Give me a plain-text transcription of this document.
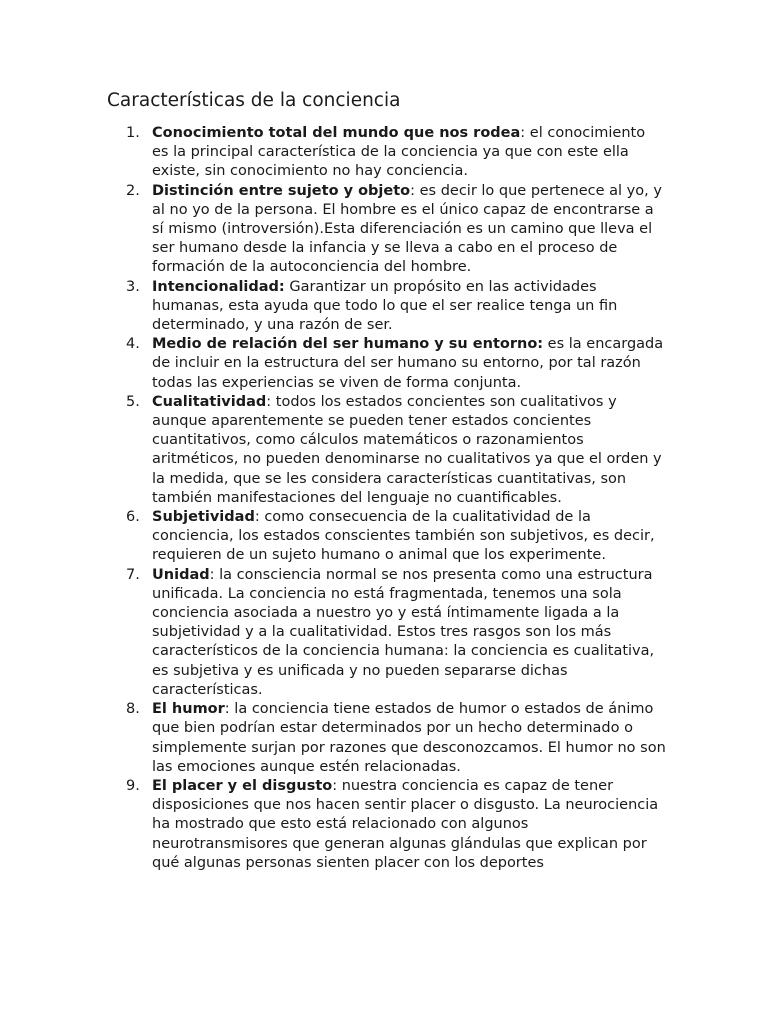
Características de la conciencia
1. Conocimiento total del mundo que nos rodea: el conocimiento es la principal característica de la conciencia ya que con este ella existe, sin conocimiento no hay conciencia.
2. Distinción entre sujeto y objeto: es decir lo que pertenece al yo, y al no yo de la persona. El hombre es el único capaz de encontrarse a sí mismo (introversión).Esta diferenciación es un camino que lleva el ser humano desde la infancia y se lleva a cabo en el proceso de formación de la autoconciencia del hombre.
3. Intencionalidad: Garantizar un propósito en las actividades humanas, esta ayuda que todo lo que el ser realice tenga un fin determinado, y una razón de ser.
4. Medio de relación del ser humano y su entorno: es la encargada de incluir en la estructura del ser humano su entorno, por tal razón todas las experiencias se viven de forma conjunta.
5. Cualitatividad: todos los estados concientes son cualitativos y aunque aparentemente se pueden tener estados concientes cuantitativos, como cálculos matemáticos o razonamientos aritméticos, no pueden denominarse no cualitativos ya que el orden y la medida, que se les considera características cuantitativas, son también manifestaciones del lenguaje no cuantificables.
6. Subjetividad: como consecuencia de la cualitatividad de la conciencia, los estados conscientes también son subjetivos, es decir, requieren de un sujeto humano o animal que los experimente.
7. Unidad: la consciencia normal se nos presenta como una estructura unificada. La conciencia no está fragmentada, tenemos una sola conciencia asociada a nuestro yo y está íntimamente ligada a la subjetividad y a la cualitatividad. Estos tres rasgos son los más característicos de la conciencia humana: la conciencia es cualitativa, es subjetiva y es unificada y no pueden separarse dichas características.
8. El humor: la conciencia tiene estados de humor o estados de ánimo que bien podrían estar determinados por un hecho determinado o simplemente surjan por razones que desconozcamos. El humor no son las emociones aunque estén relacionadas.
9. El placer y el disgusto: nuestra conciencia es capaz de tener disposiciones que nos hacen sentir placer o disgusto. La neurociencia ha mostrado que esto está relacionado con algunos neurotransmisores que generan algunas glándulas que explican por qué algunas personas sienten placer con los deportes
